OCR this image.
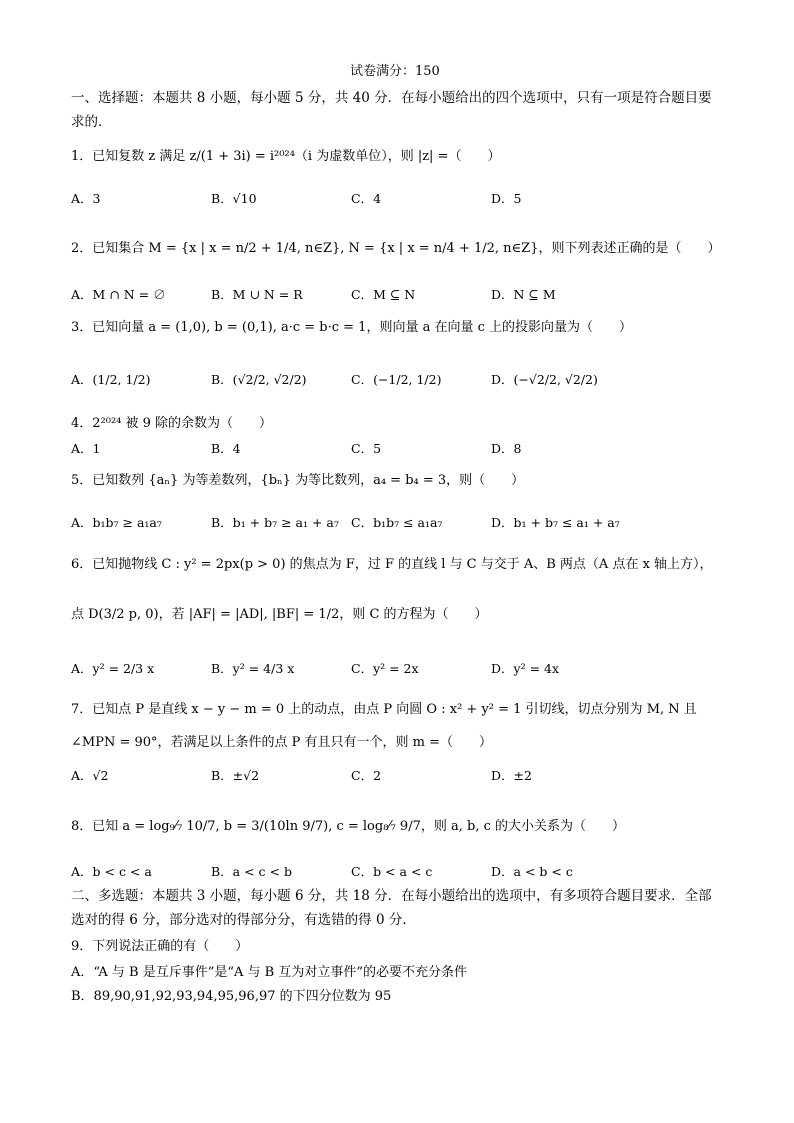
试卷满分：150
一、选择题：本题共 8 小题，每小题 5 分，共 40 分．在每小题给出的四个选项中，只有一项是符合题目要
求的．
1．已知复数 z 满足 z/(1 + 3i) = i²⁰²⁴（i 为虚数单位），则 |z| =（　　）
A．3	B．√10	C．4	D．5
2．已知集合 M = {x | x = n/2 + 1/4, n∈Z}, N = {x | x = n/4 + 1/2, n∈Z}，则下列表述正确的是（　　）
A．M ∩ N = ∅	B．M ∪ N = R	C．M ⊆ N	D．N ⊆ M
3．已知向量 a = (1,0), b = (0,1), a·c = b·c = 1，则向量 a 在向量 c 上的投影向量为（　　）
A．(1/2, 1/2)	B．(√2/2, √2/2)	C．(−1/2, 1/2)	D．(−√2/2, √2/2)
4．2²⁰²⁴ 被 9 除的余数为（　　）
A．1	B．4	C．5	D．8
5．已知数列 {aₙ} 为等差数列，{bₙ} 为等比数列，a₄ = b₄ = 3，则（　　）
A．b₁b₇ ≥ a₁a₇	B．b₁ + b₇ ≥ a₁ + a₇ C．b₁b₇ ≤ a₁a₇	D．b₁ + b₇ ≤ a₁ + a₇
6．已知抛物线 C : y² = 2px(p > 0) 的焦点为 F，过 F 的直线 l 与 C 与交于 A、B 两点（A 点在 x 轴上方），
点 D(3/2 p, 0)，若 |AF| = |AD|, |BF| = 1/2，则 C 的方程为（　　）
A．y² = 2/3 x	B．y² = 4/3 x	C．y² = 2x	D．y² = 4x
7．已知点 P 是直线 x − y − m = 0 上的动点，由点 P 向圆 O : x² + y² = 1 引切线，切点分别为 M, N 且
∠MPN = 90°，若满足以上条件的点 P 有且只有一个，则 m =（　　）
A．√2	B．±√2	C．2	D．±2
8．已知 a = log₉⁄₇ 10/7, b = 3/(10ln 9/7), c = log₈⁄₇ 9/7，则 a, b, c 的大小关系为（　　）
A．b < c < a	B．a < c < b	C．b < a < c	D．a < b < c
二、多选题：本题共 3 小题，每小题 6 分，共 18 分．在每小题给出的选项中，有多项符合题目要求．全部
选对的得 6 分，部分选对的得部分分，有选错的得 0 分．
9．下列说法正确的有（　　）
A．“A 与 B 是互斥事件”是“A 与 B 互为对立事件”的必要不充分条件
B．89,90,91,92,93,94,95,96,97 的下四分位数为 95
